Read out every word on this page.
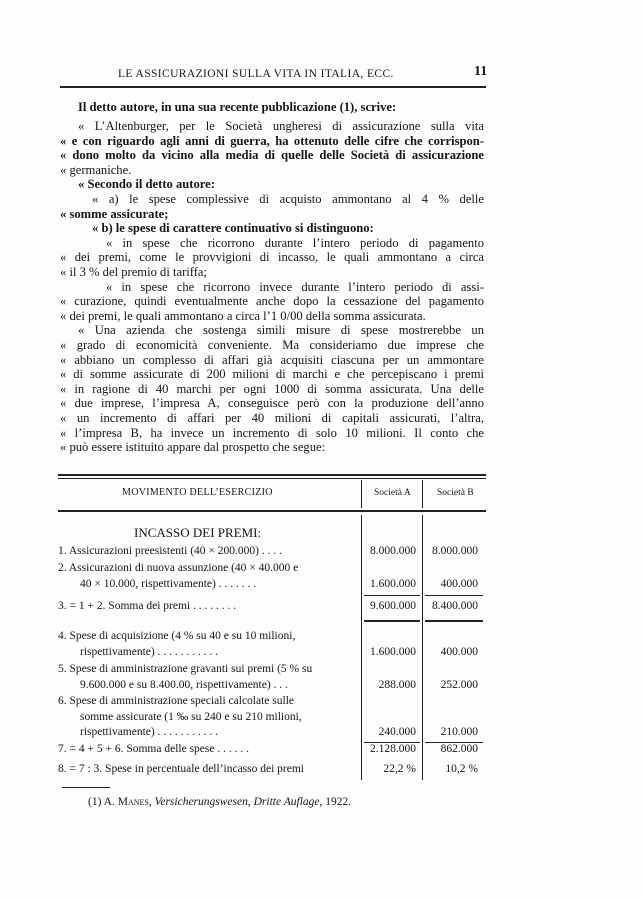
LE ASSICURAZIONI SULLA VITA IN ITALIA, ECC.	11
Il detto autore, in una sua recente pubblicazione (1), scrive:
« L’Altenburger, per le Società ungheresi di assicurazione sulla vita
« e con riguardo agli anni di guerra, ha ottenuto delle cifre che corrispon-
« dono molto da vicino alla media di quelle delle Società di assicurazione
« germaniche.
« Secondo il detto autore:
« a) le spese complessive di acquisto ammontano al 4 % delle
« somme assicurate;
« b) le spese di carattere continuativo si distinguono:
« in spese che ricorrono durante l’intero periodo di pagamento
« dei premi, come le provvigioni di incasso, le quali ammontano a circa
« il 3 % del premio di tariffa;
« in spese che ricorrono invece durante l’intero periodo di assi-
« curazione, quindi eventualmente anche dopo la cessazione del pagamento
« dei premi, le quali ammontano a circa l’1 0/00 della somma assicurata.
« Una azienda che sostenga simili misure di spese mostrerebbe un
« grado di economicità conveniente. Ma consideriamo due imprese che
« abbiano un complesso di affari già acquisiti ciascuna per un ammontare
« di somme assicurate di 200 milioni di marchi e che percepiscano i premi
« in ragione di 40 marchi per ogni 1000 di somma assicurata. Una delle
« due imprese, l’impresa A, conseguisce però con la produzione dell’anno
« un incremento di affari per 40 milioni di capitali assicurati, l’altra,
« l’impresa B, ha invece un incremento di solo 10 milioni. Il conto che
« può essere istituito appare dal prospetto che segue:
MOVIMENTO DELL’ESERCIZIO	Società A	Società B
INCASSO DEI PREMI:
1. Assicurazioni preesistenti (40 × 200.000) . . . .	8.000.000	8.000.000
2. Assicurazioni di nuova assunzione (40 × 40.000 e
40 × 10.000, rispettivamente) . . . . . . .	1.600.000	400.000
3. = 1 + 2. Somma dei premi . . . . . . . .	9.600.000	8.400.000
4. Spese di acquisizione (4 % su 40 e su 10 milioni,
rispettivamente) . . . . . . . . . . .	1.600.000	400.000
5. Spese di amministrazione gravanti sui premi (5 % su
9.600.000 e su 8.400.00, rispettivamente) . . .	288.000	252.000
6. Spese di amministrazione speciali calcolate sulle
somme assicurate (1 ‰ su 240 e su 210 milioni,
rispettivamente) . . . . . . . . . . .	240.000	210.000
7. = 4 + 5 + 6. Somma delle spese . . . . . .	2.128.000	862.000
8. = 7 : 3. Spese in percentuale dell’incasso dei premi	22,2 %	10,2 %
(1) A. Manes, Versicherungswesen, Dritte Auflage, 1922.
